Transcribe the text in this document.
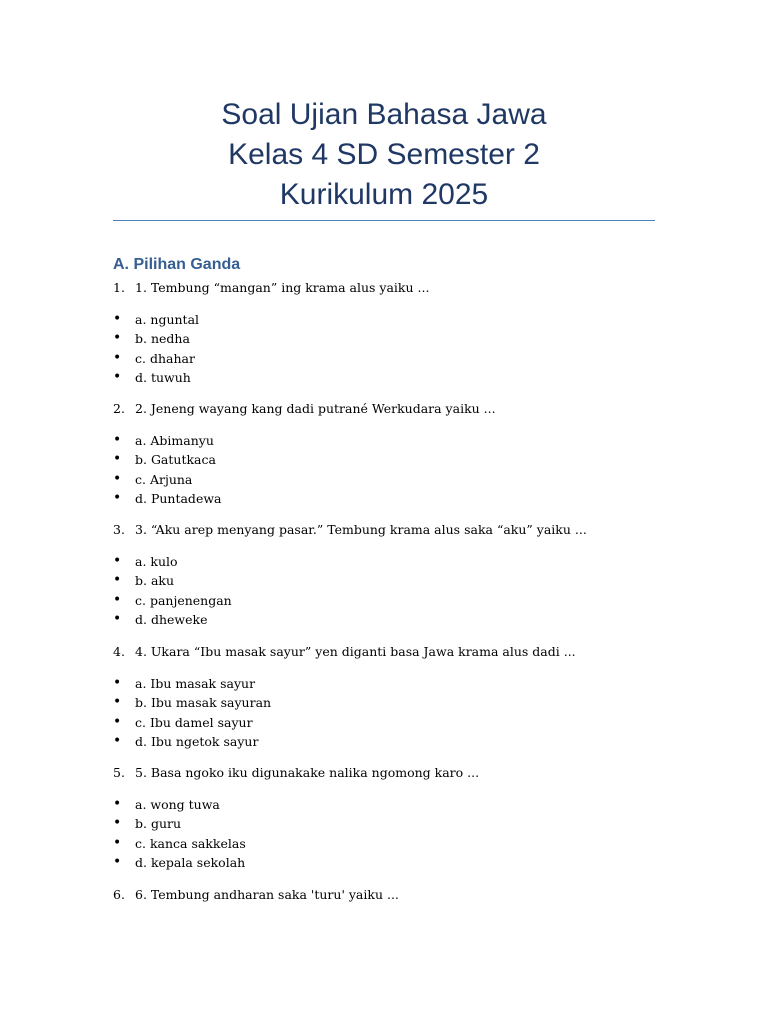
Soal Ujian Bahasa Jawa
Kelas 4 SD Semester 2
Kurikulum 2025
A. Pilihan Ganda
1. 1. Tembung “mangan” ing krama alus yaiku ...
• a. nguntal
• b. nedha
• c. dhahar
• d. tuwuh
2. 2. Jeneng wayang kang dadi putrané Werkudara yaiku ...
• a. Abimanyu
• b. Gatutkaca
• c. Arjuna
• d. Puntadewa
3. 3. “Aku arep menyang pasar.” Tembung krama alus saka “aku” yaiku ...
• a. kulo
• b. aku
• c. panjenengan
• d. dheweke
4. 4. Ukara “Ibu masak sayur” yen diganti basa Jawa krama alus dadi ...
• a. Ibu masak sayur
• b. Ibu masak sayuran
• c. Ibu damel sayur
• d. Ibu ngetok sayur
5. 5. Basa ngoko iku digunakake nalika ngomong karo ...
• a. wong tuwa
• b. guru
• c. kanca sakkelas
• d. kepala sekolah
6. 6. Tembung andharan saka 'turu' yaiku ...
